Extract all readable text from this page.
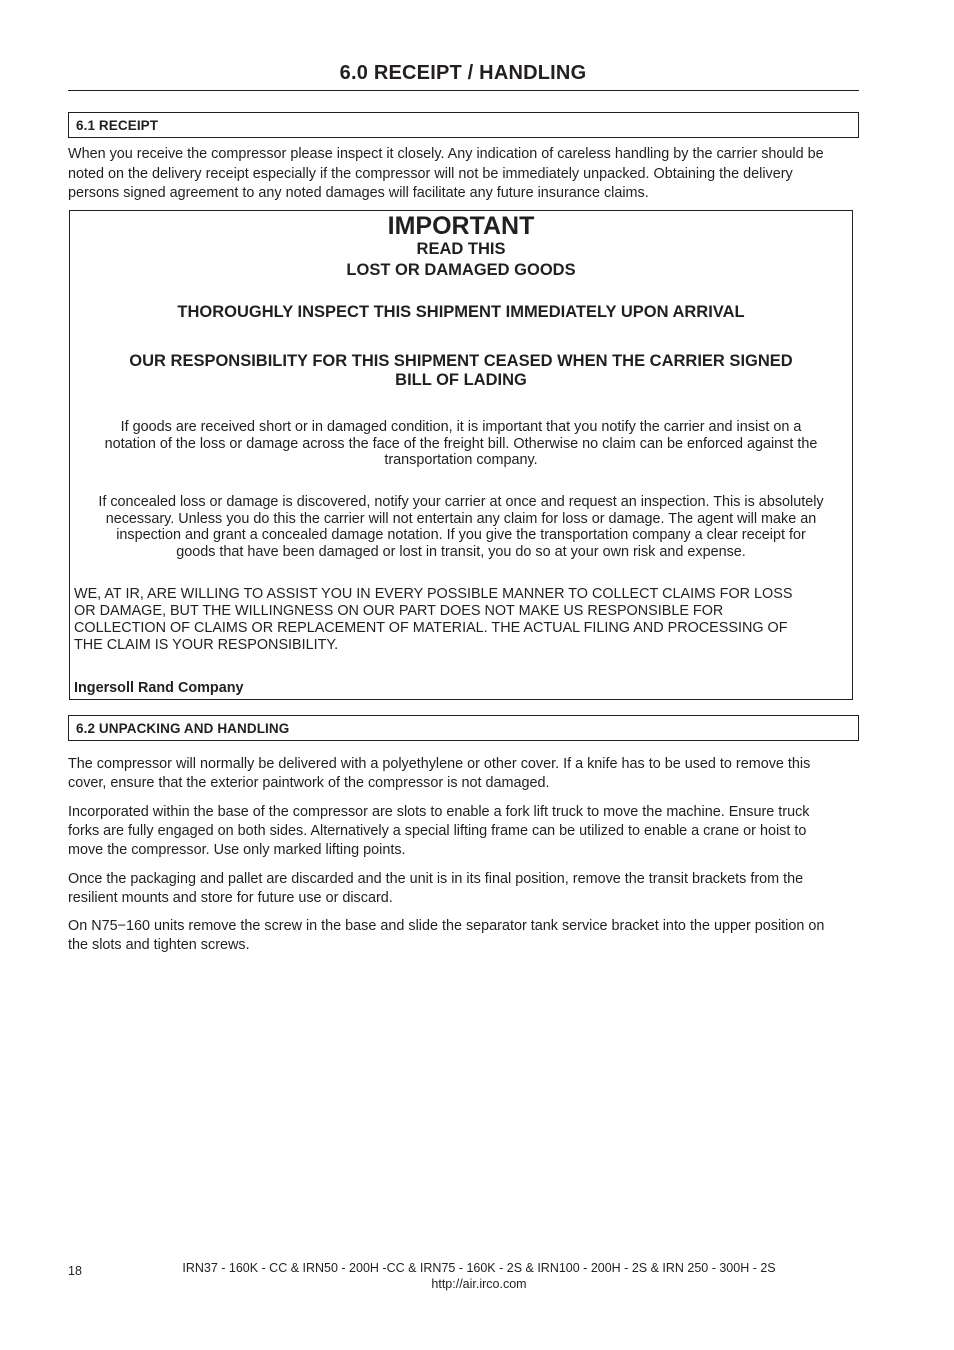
6.0 RECEIPT / HANDLING
6.1 RECEIPT

When you receive the compressor please inspect it closely. Any indication of careless handling by the carrier should be

noted on the delivery receipt especially if the compressor will not be immediately unpacked. Obtaining the delivery

persons signed agreement to any noted damages will facilitate any future insurance claims.

IMPORTANT

READ THIS

LOST OR DAMAGED GOODS

THOROUGHLY INSPECT THIS SHIPMENT IMMEDIATELY UPON ARRIVAL

OUR RESPONSIBILITY FOR THIS SHIPMENT CEASED WHEN THE CARRIER SIGNED

BILL OF LADING

If goods are received short or in damaged condition, it is important that you notify the carrier and insist on a

notation of the loss or damage across the face of the freight bill. Otherwise no claim can be enforced against the

transportation company.

If concealed loss or damage is discovered, notify your carrier at once and request an inspection. This is absolutely

necessary. Unless you do this the carrier will not entertain any claim for loss or damage. The agent will make an

inspection and grant a concealed damage notation. If you give the transportation company a clear receipt for

goods that have been damaged or lost in transit, you do so at your own risk and expense.

WE, AT IR, ARE WILLING TO ASSIST YOU IN EVERY POSSIBLE MANNER TO COLLECT CLAIMS FOR LOSS

OR DAMAGE, BUT THE WILLINGNESS ON OUR PART DOES NOT MAKE US RESPONSIBLE FOR

COLLECTION OF CLAIMS OR REPLACEMENT OF MATERIAL. THE ACTUAL FILING AND PROCESSING OF

THE CLAIM IS YOUR RESPONSIBILITY.

Ingersoll Rand Company

6.2 UNPACKING AND HANDLING

The compressor will normally be delivered with a polyethylene or other cover. If a knife has to be used to remove this

cover, ensure that the exterior paintwork of the compressor is not damaged.

Incorporated within the base of the compressor are slots to enable a fork lift truck to move the machine. Ensure truck

forks are fully engaged on both sides. Alternatively a special lifting frame can be utilized to enable a crane or hoist to

move the compressor. Use only marked lifting points.

Once the packaging and pallet are discarded and the unit is in its final position, remove the transit brackets from the

resilient mounts and store for future use or discard.

On N75−160 units remove the screw in the base and slide the separator tank service bracket into the upper position on

the slots and tighten screws.

18	IRN37 - 160K - CC & IRN50 - 200H -CC & IRN75 - 160K - 2S & IRN100 - 200H - 2S & IRN 250 - 300H - 2S
http://air.irco.com
